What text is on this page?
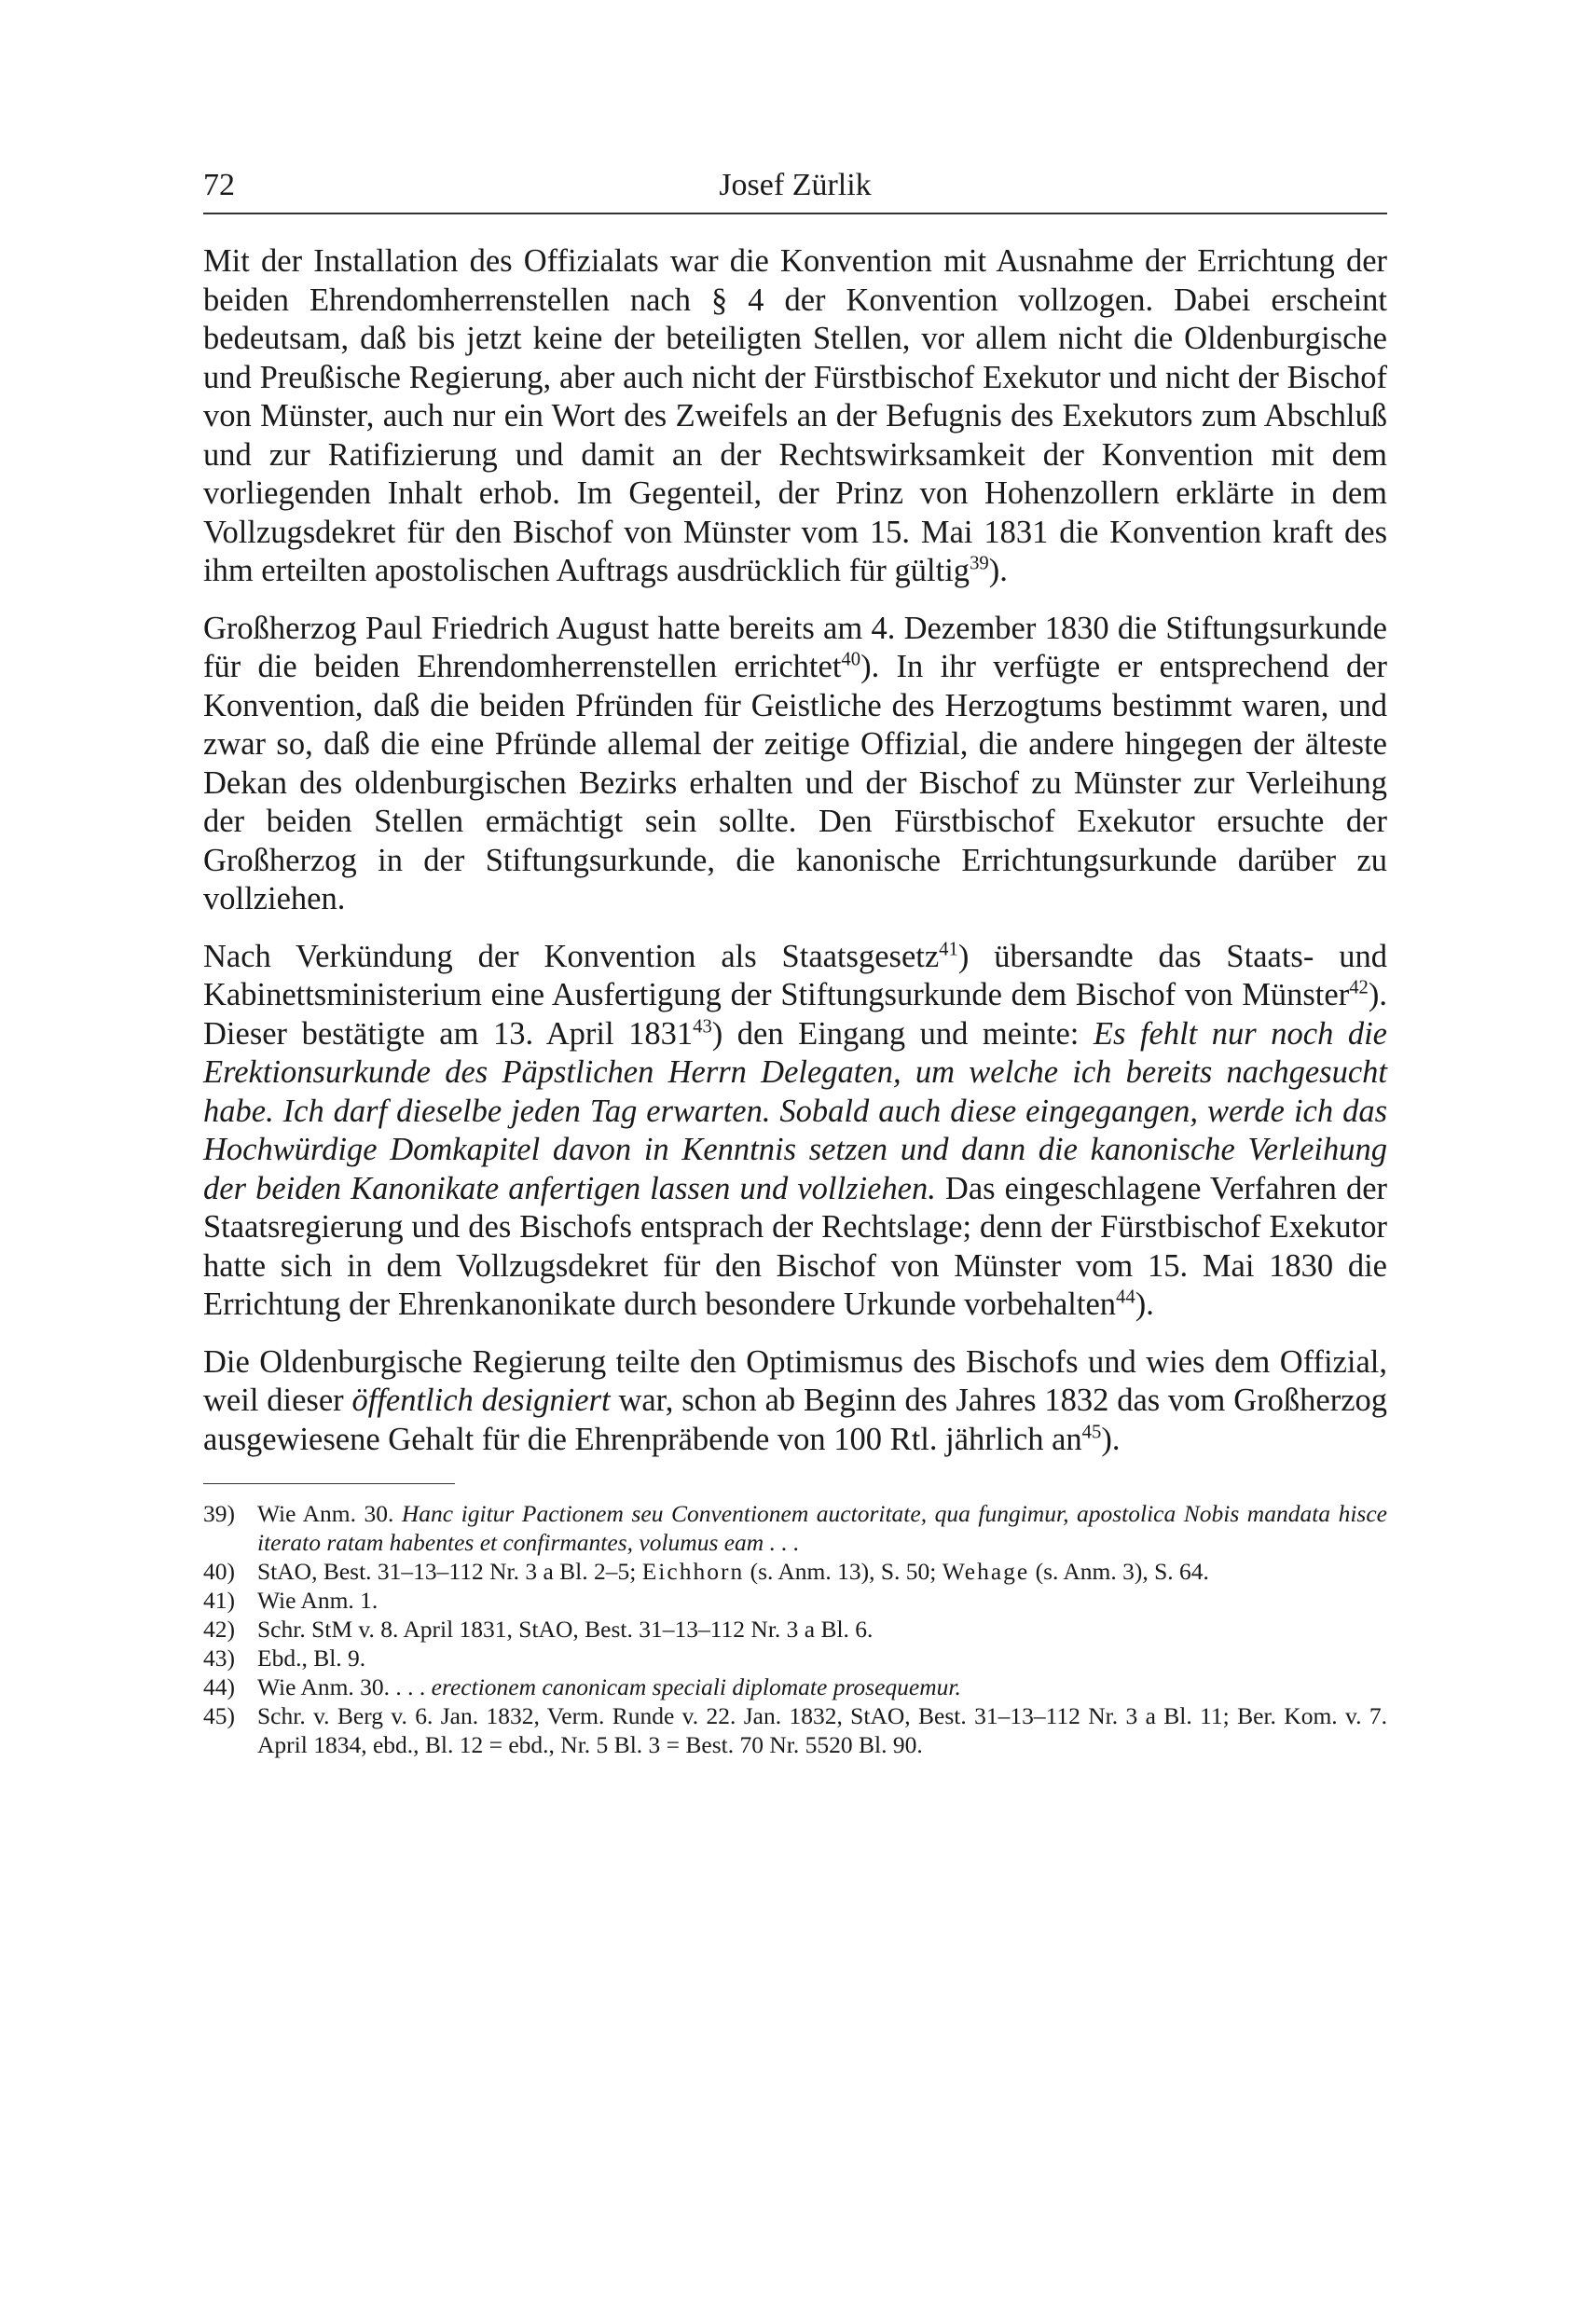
72	Josef Zürlik

Mit der Installation des Offizialats war die Konvention mit Ausnahme der Errichtung der beiden Ehrendomherrenstellen nach § 4 der Konvention vollzogen. Dabei erscheint bedeutsam, daß bis jetzt keine der beteiligten Stellen, vor allem nicht die Oldenburgische und Preußische Regierung, aber auch nicht der Fürstbischof Exekutor und nicht der Bischof von Münster, auch nur ein Wort des Zweifels an der Befugnis des Exekutors zum Abschluß und zur Ratifizierung und damit an der Rechtswirksamkeit der Konvention mit dem vorliegenden Inhalt erhob. Im Gegenteil, der Prinz von Hohenzollern erklärte in dem Vollzugsdekret für den Bischof von Münster vom 15. Mai 1831 die Konvention kraft des ihm erteilten apostolischen Auftrags ausdrücklich für gültig$^{39}$).

Großherzog Paul Friedrich August hatte bereits am 4. Dezember 1830 die Stiftungsurkunde für die beiden Ehrendomherrenstellen errichtet$^{40}$). In ihr verfügte er entsprechend der Konvention, daß die beiden Pfründen für Geistliche des Herzogtums bestimmt waren, und zwar so, daß die eine Pfründe allemal der zeitige Offizial, die andere hingegen der älteste Dekan des oldenburgischen Bezirks erhalten und der Bischof zu Münster zur Verleihung der beiden Stellen ermächtigt sein sollte. Den Fürstbischof Exekutor ersuchte der Großherzog in der Stiftungsurkunde, die kanonische Errichtungsurkunde darüber zu vollziehen.

Nach Verkündung der Konvention als Staatsgesetz$^{41}$) übersandte das Staats- und Kabinettsministerium eine Ausfertigung der Stiftungsurkunde dem Bischof von Münster$^{42}$). Dieser bestätigte am 13. April 1831$^{43}$) den Eingang und meinte: Es fehlt nur noch die Erektionsurkunde des Päpstlichen Herrn Delegaten, um welche ich bereits nachgesucht habe. Ich darf dieselbe jeden Tag erwarten. Sobald auch diese eingegangen, werde ich das Hochwürdige Domkapitel davon in Kenntnis setzen und dann die kanonische Verleihung der beiden Kanonikate anfertigen lassen und vollziehen. Das eingeschlagene Verfahren der Staatsregierung und des Bischofs entsprach der Rechtslage; denn der Fürstbischof Exekutor hatte sich in dem Vollzugsdekret für den Bischof von Münster vom 15. Mai 1830 die Errichtung der Ehrenkanonikate durch besondere Urkunde vorbehalten$^{44}$).

Die Oldenburgische Regierung teilte den Optimismus des Bischofs und wies dem Offizial, weil dieser öffentlich designiert war, schon ab Beginn des Jahres 1832 das vom Großherzog ausgewiesene Gehalt für die Ehrenpräbende von 100 Rtl. jährlich $an^{45}$).

39) Wie Anm. 30. Hanc igitur Pactionem seu Conventionem auctoritate, qua fungimur, apostolica Nobis mandata hisce iterato ratam habentes et confirmantes, volumus eam . . .
40) StAO, Best. 31–13–112 Nr. 3 a Bl. 2–5; Eichhorn (s. Anm. 13), S. 50; Wehage (s. Anm. 3), S. 64.
41) Wie Anm. 1.
42) Schr. StM v. 8. April 1831, StAO, Best. 31–13–112 Nr. 3 a Bl. 6.
43) Ebd., Bl. 9.
44) Wie Anm. 30. . . . erectionem canonicam speciali diplomate prosequemur.
45) Schr. v. Berg v. 6. Jan. 1832, Verm. Runde v. 22. Jan. 1832, StAO, Best. 31–13–112 Nr. 3 a Bl. 11; Ber. Kom. v. 7. April 1834, ebd., Bl. 12 = ebd., Nr. 5 Bl. 3 = Best. 70 Nr. 5520 Bl. 90.
